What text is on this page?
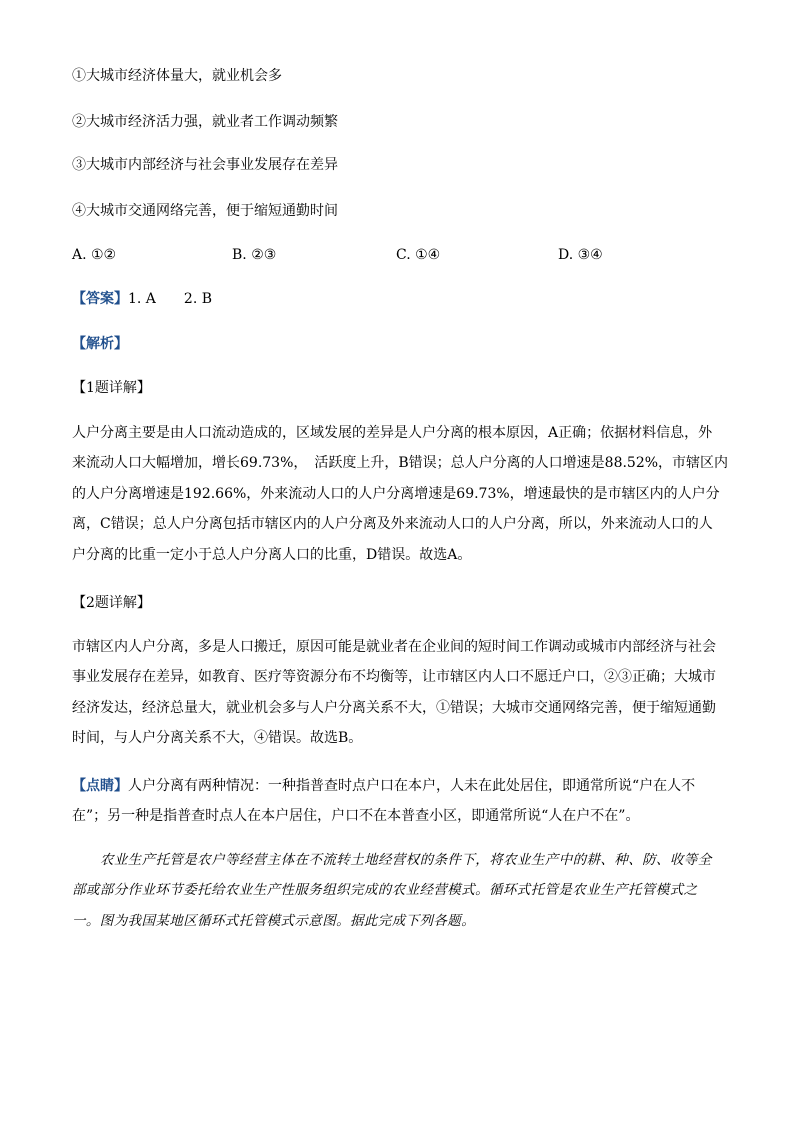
①大城市经济体量大，就业机会多
②大城市经济活力强，就业者工作调动频繁
③大城市内部经济与社会事业发展存在差异
④大城市交通网络完善，便于缩短通勤时间
A. ①②	B. ②③	C. ①④	D. ③④
【答案】1. A　　2. B
【解析】
【1题详解】
人户分离主要是由人口流动造成的，区域发展的差异是人户分离的根本原因，A正确；依据材料信息，外
来流动人口大幅增加，增长69.73%，　活跃度上升，B错误；总人户分离的人口增速是88.52%，市辖区内
的人户分离增速是192.66%，外来流动人口的人户分离增速是69.73%，增速最快的是市辖区内的人户分
离，C错误；总人户分离包括市辖区内的人户分离及外来流动人口的人户分离，所以，外来流动人口的人
户分离的比重一定小于总人户分离人口的比重，D错误。故选A。
【2题详解】
市辖区内人户分离，多是人口搬迁，原因可能是就业者在企业间的短时间工作调动或城市内部经济与社会
事业发展存在差异，如教育、医疗等资源分布不均衡等，让市辖区内人口不愿迁户口，②③正确；大城市
经济发达，经济总量大，就业机会多与人户分离关系不大，①错误；大城市交通网络完善，便于缩短通勤
时间，与人户分离关系不大，④错误。故选B。
【点睛】人户分离有两种情况：一种指普查时点户口在本户，人未在此处居住，即通常所说“户在人不
在”；另一种是指普查时点人在本户居住，户口不在本普查小区，即通常所说“人在户不在”。
农业生产托管是农户等经营主体在不流转土地经营权的条件下，将农业生产中的耕、种、防、收等全
部或部分作业环节委托给农业生产性服务组织完成的农业经营模式。循环式托管是农业生产托管模式之
一。图为我国某地区循环式托管模式示意图。据此完成下列各题。
